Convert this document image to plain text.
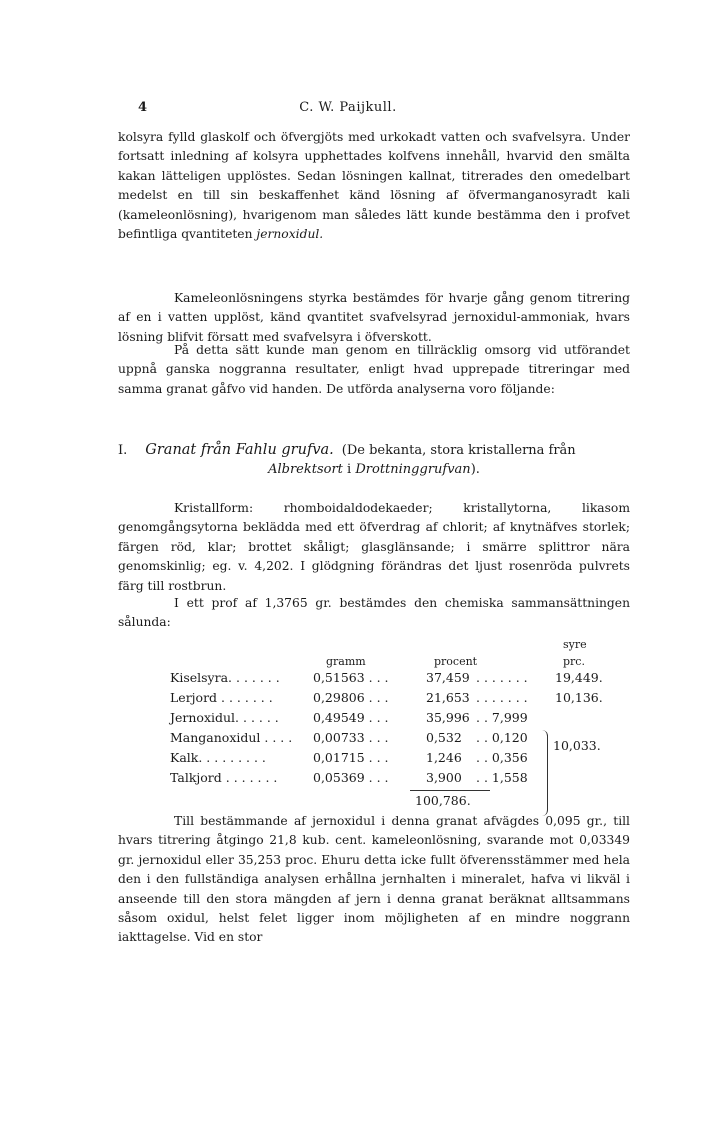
4	C. W. Paijkull.

kolsyra fylld glaskolf och öfvergjöts med urkokadt vatten och svafvelsyra. Under fortsatt inledning af kolsyra upphettades kolfvens innehåll, hvarvid den smälta kakan lätteligen upplöstes. Sedan lösningen kallnat, titrerades den omedelbart medelst en till sin beskaffenhet känd lösning af öfvermanganosyradt kali (kameleonlösning), hvarigenom man således lätt kunde bestämma den i profvet befintliga qvantiteten jernoxidul.

Kameleonlösningens styrka bestämdes för hvarje gång genom titrering af en i vatten upplöst, känd qvantitet svafvelsyrad jernoxidul-ammoniak, hvars lösning blifvit försatt med svafvelsyra i öfverskott.

På detta sätt kunde man genom en tillräcklig omsorg vid utförandet uppnå ganska noggranna resultater, enligt hvad upprepade titreringar med samma granat gåfvo vid handen. De utförda analyserna voro följande:

I. Granat från Fahlu grufva. (De bekanta, stora kristallerna från
Albrektsort i Drottninggrufvan).

Kristallform: rhomboidaldodekaeder; kristallytorna, likasom genomgångsytorna beklädda med ett öfverdrag af chlorit; af knytnäfves storlek; färgen röd, klar; brottet skåligt; glasglänsande; i smärre splittror nära genomskinlig; eg. v. 4,202. I glödgning förändras det ljust rosenröda pulvrets färg till rostbrun.

I ett prof af 1,3765 gr. bestämdes den chemiska sammansättningen sålunda:

syre
gramm	procent	prc.
Kiselsyra. . . . . . .	0,51563 . . .	37,459 . . . . . . . 19,449.
Lerjord . . . . . . .	0,29806 . . .	21,653 . . . . . . . 10,136.
Jernoxidul. . . . . .	0,49549 . . .	35,996 . . 7,999
Manganoxidul . . . . 0,00733 . . .	0,532 . . 0,120
Kalk. . . . . . . . .	0,01715 . . .	1,246 . . 0,356
Talkjord . . . . . . .	0,05369 . . .	3,900 . . 1,558
10,033.
100,786.

Till bestämmande af jernoxidul i denna granat afvägdes 0,095 gr., till hvars titrering åtgingo 21,8 kub. cent. kameleonlösning, svarande mot 0,03349 gr. jernoxidul eller 35,253 proc. Ehuru detta icke fullt öfverensstämmer med hela den i den fullständiga analysen erhållna jernhalten i mineralet, hafva vi likväl i anseende till den stora mängden af jern i denna granat beräknat alltsammans såsom oxidul, helst felet ligger inom möjligheten af en mindre noggrann iakttagelse. Vid en stor
